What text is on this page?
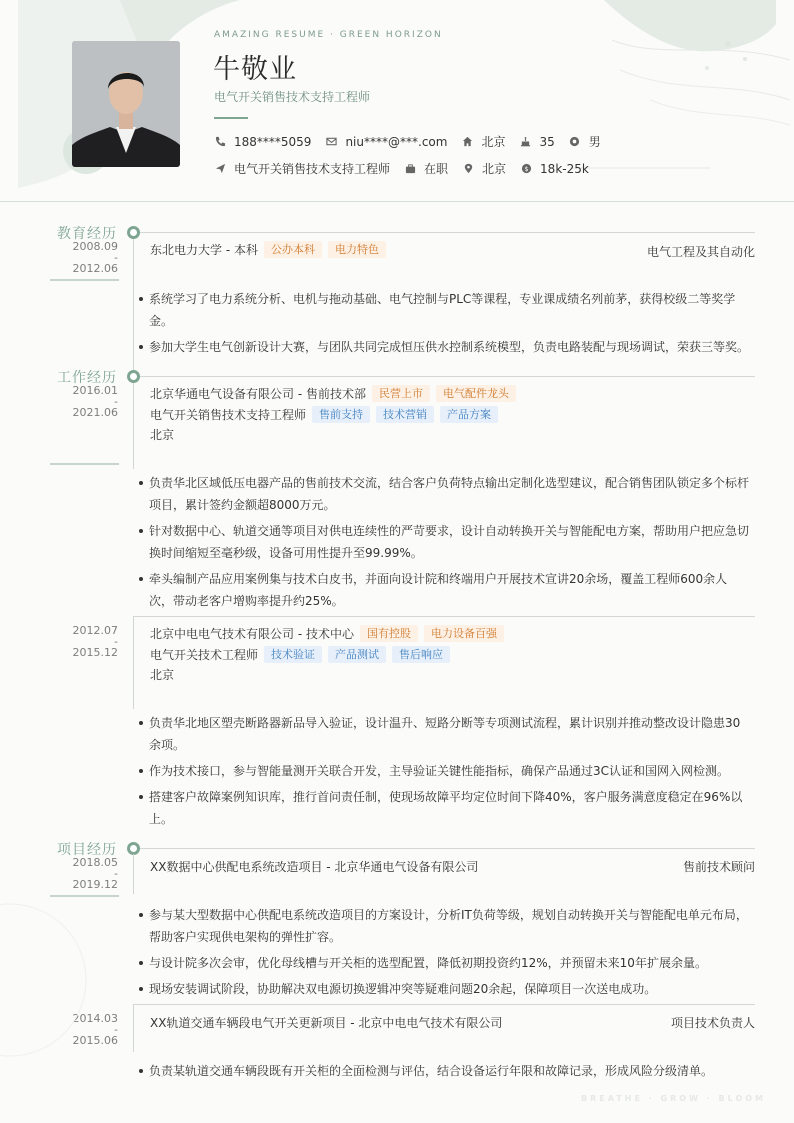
AMAZING RESUME · GREEN HORIZON
牛敬业
电气开关销售技术支持工程师
188****5059	niu****@***.com	北京	35	男
电气开关销售技术支持工程师	在职	北京	$ 18k-25k
教育经历
2008.09
-
2012.06
东北电力大学 - 本科	公办本科	电力特色	电气工程及其自动化
系统学习了电力系统分析、电机与拖动基础、电气控制与PLC等课程，专业课成绩名列前茅，获得校级二等奖学金。
参加大学生电气创新设计大赛，与团队共同完成恒压供水控制系统模型，负责电路装配与现场调试，荣获三等奖。
工作经历
2016.01
-
2021.06
北京华通电气设备有限公司 - 售前技术部	民营上市	电气配件龙头
电气开关销售技术支持工程师	售前支持	技术营销	产品方案
北京
负责华北区域低压电器产品的售前技术交流，结合客户负荷特点输出定制化选型建议，配合销售团队锁定多个标杆项目，累计签约金额超8000万元。
针对数据中心、轨道交通等项目对供电连续性的严苛要求，设计自动转换开关与智能配电方案，帮助用户把应急切换时间缩短至毫秒级，设备可用性提升至99.99%。
牵头编制产品应用案例集与技术白皮书，并面向设计院和终端用户开展技术宣讲20余场，覆盖工程师600余人次，带动老客户增购率提升约25%。
2012.07
-
2015.12
北京中电电气技术有限公司 - 技术中心	国有控股	电力设备百强
电气开关技术工程师	技术验证	产品测试	售后响应
北京
负责华北地区塑壳断路器新品导入验证，设计温升、短路分断等专项测试流程，累计识别并推动整改设计隐患30余项。
作为技术接口，参与智能量测开关联合开发，主导验证关键性能指标，确保产品通过3C认证和国网入网检测。
搭建客户故障案例知识库，推行首问责任制，使现场故障平均定位时间下降40%，客户服务满意度稳定在96%以上。
项目经历
2018.05
-
2019.12
XX数据中心供配电系统改造项目 - 北京华通电气设备有限公司	售前技术顾问
参与某大型数据中心供配电系统改造项目的方案设计，分析IT负荷等级，规划自动转换开关与智能配电单元布局，帮助客户实现供电架构的弹性扩容。
与设计院多次会审，优化母线槽与开关柜的选型配置，降低初期投资约12%，并预留未来10年扩展余量。
现场安装调试阶段，协助解决双电源切换逻辑冲突等疑难问题20余起，保障项目一次送电成功。
2014.03
-
2015.06
XX轨道交通车辆段电气开关更新项目 - 北京中电电气技术有限公司	项目技术负责人
负责某轨道交通车辆段既有开关柜的全面检测与评估，结合设备运行年限和故障记录，形成风险分级清单。
BREATHE · GROW · BLOOM
